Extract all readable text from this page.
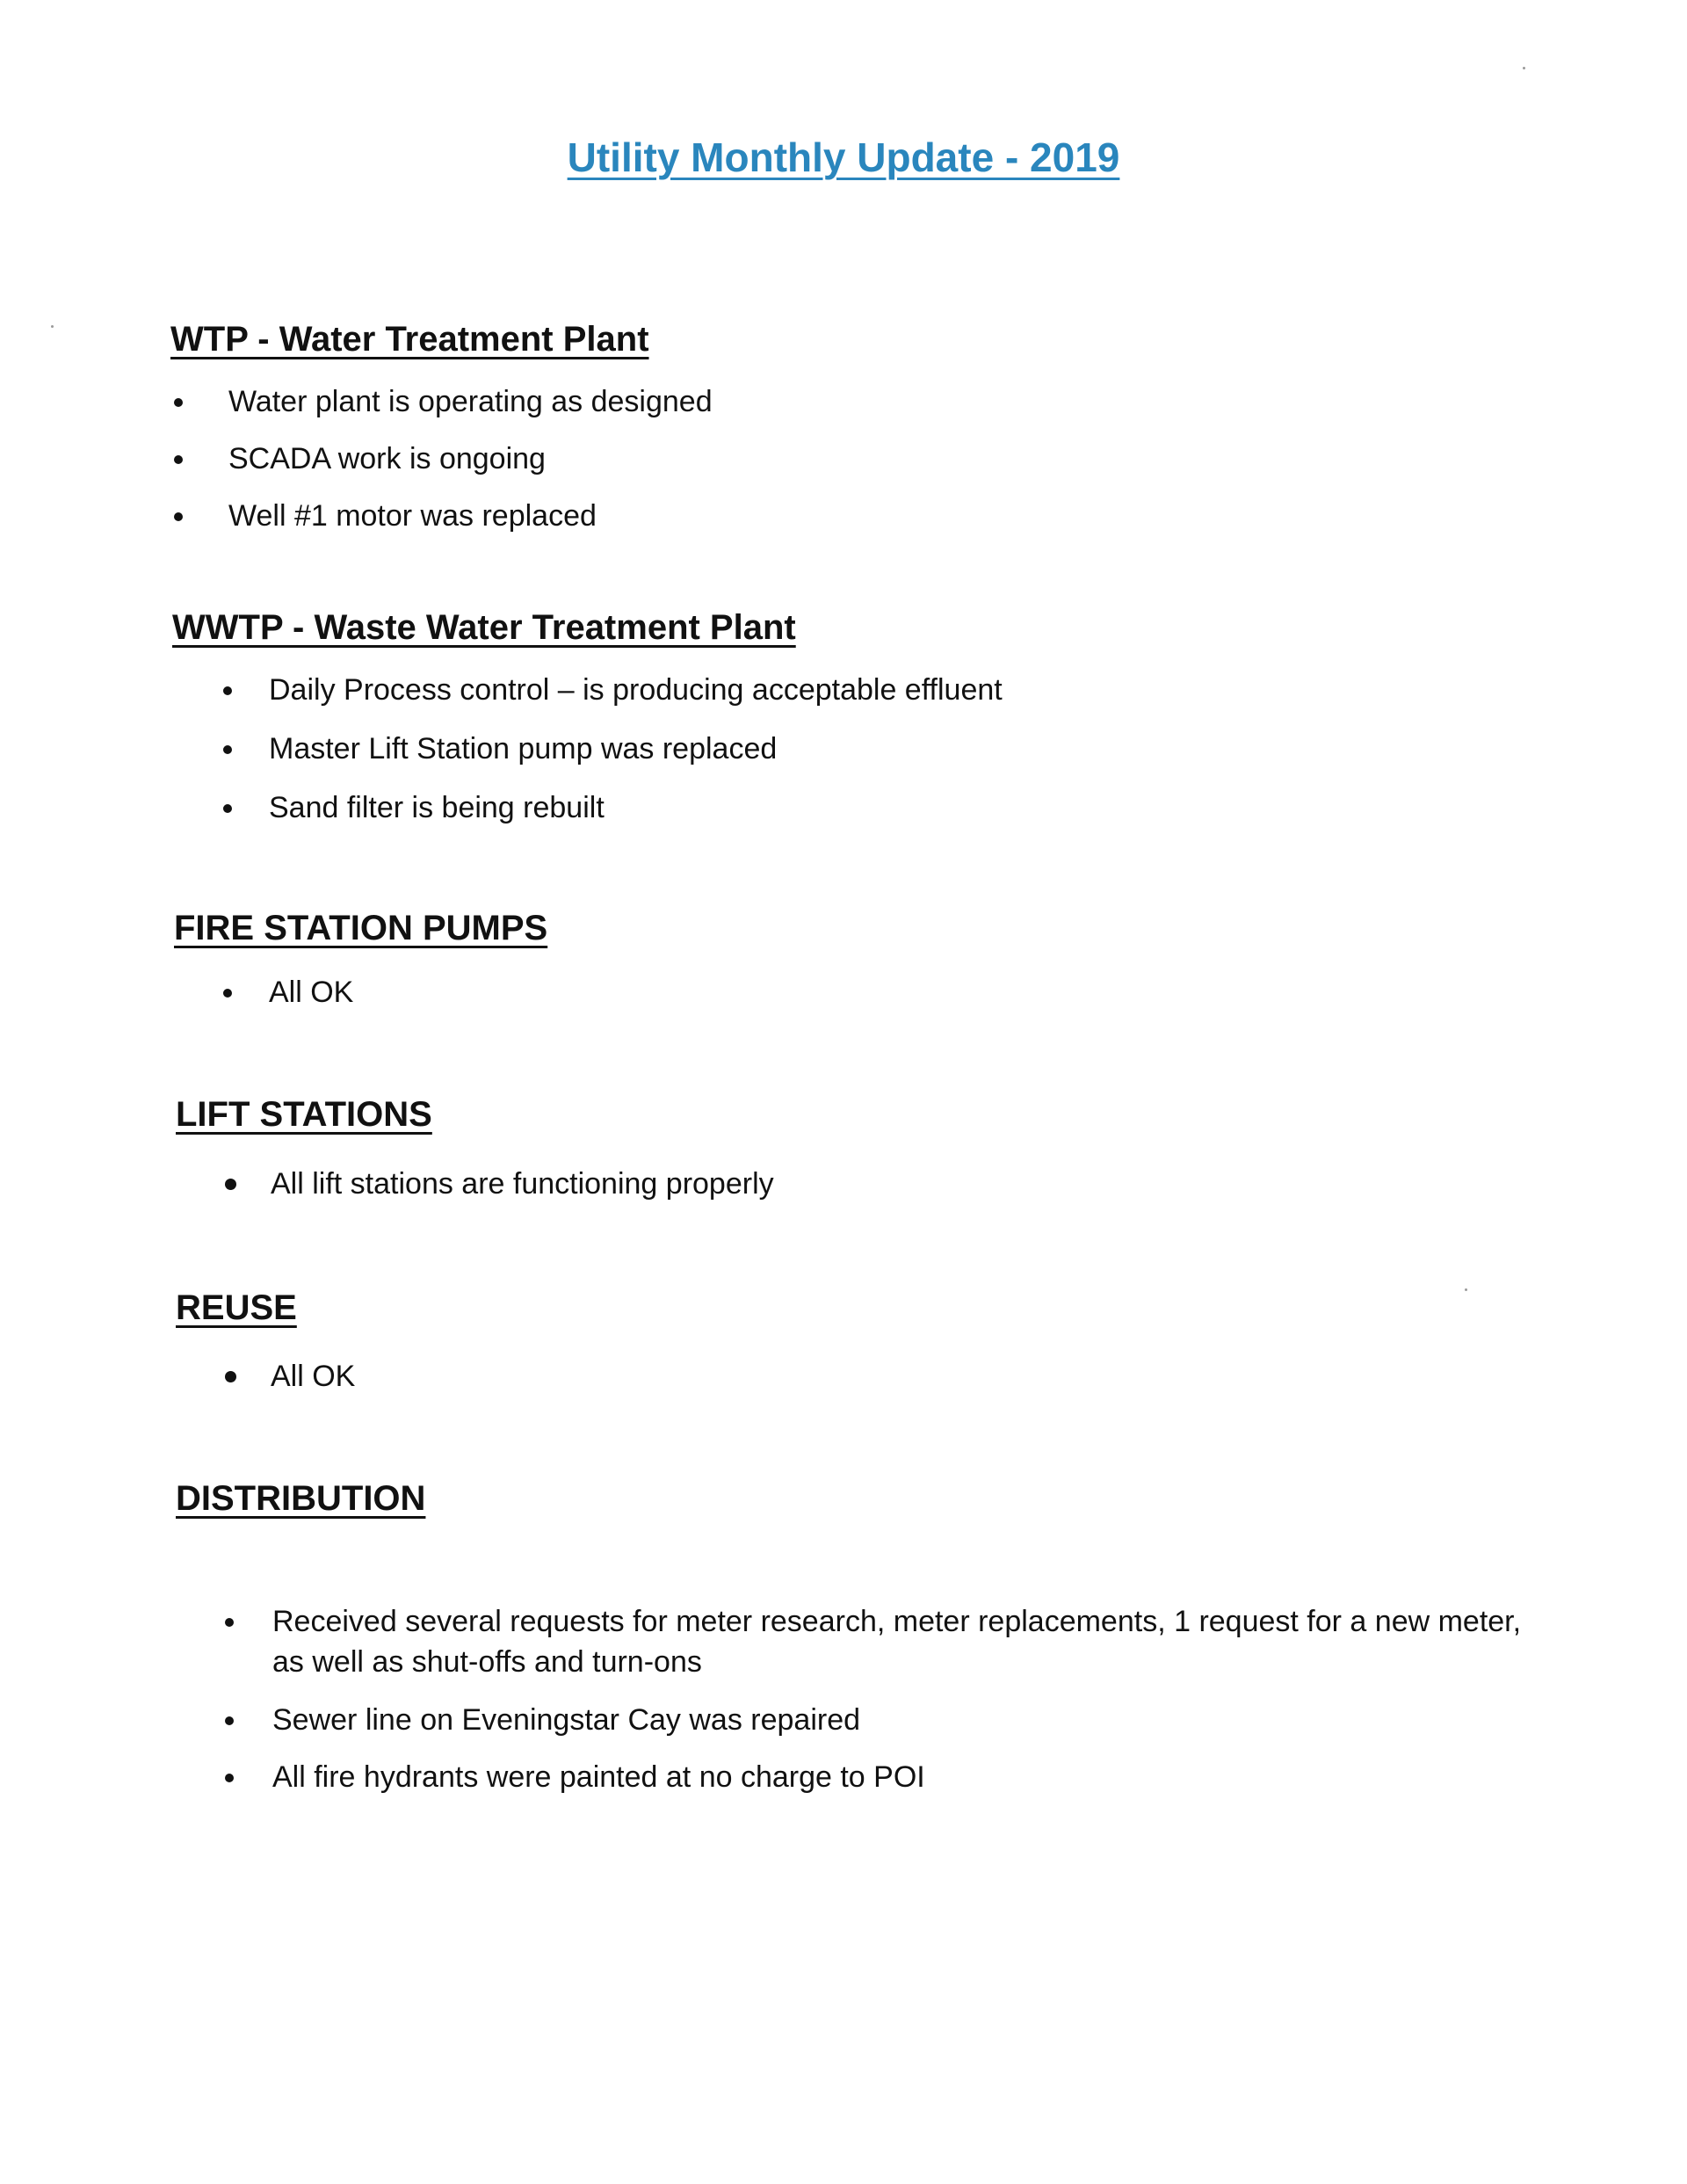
Utility Monthly Update - 2019
WTP - Water Treatment Plant
Water plant is operating as designed
SCADA work is ongoing
Well #1 motor was replaced
WWTP - Waste Water Treatment Plant
Daily Process control – is producing acceptable effluent
Master Lift Station pump was replaced
Sand filter is being rebuilt
FIRE STATION PUMPS
All OK
LIFT STATIONS
All lift stations are functioning properly
REUSE
All OK
DISTRIBUTION
Received several requests for meter research, meter replacements, 1 request for a new meter, as well as shut-offs and turn-ons
Sewer line on Eveningstar Cay was repaired
All fire hydrants were painted at no charge to POI
